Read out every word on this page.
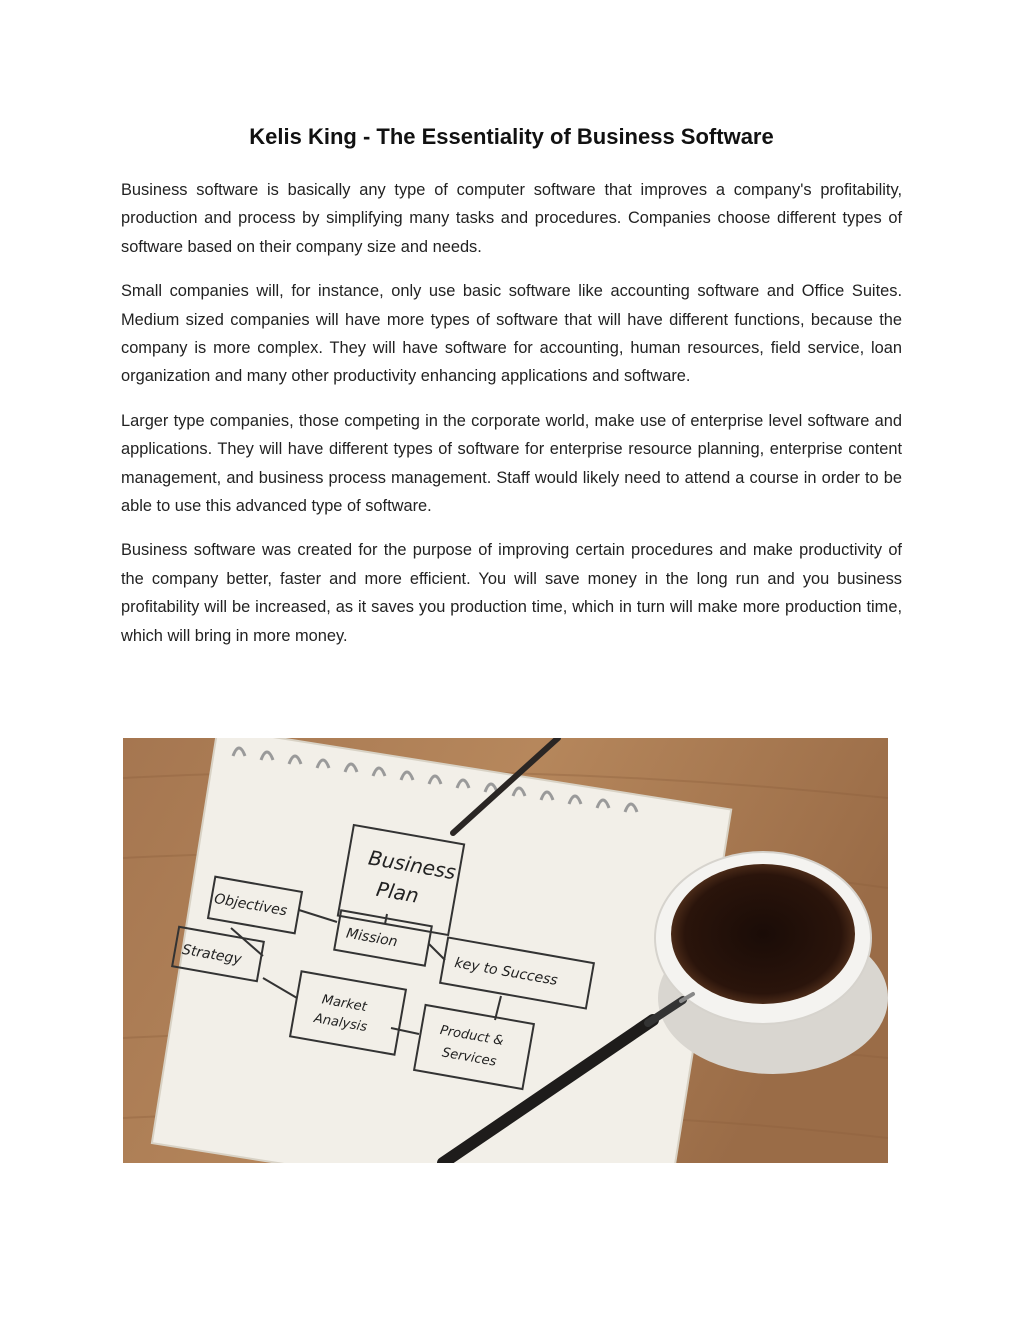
Kelis King - The Essentiality of Business Software

Business software is basically any type of computer software that improves a company's profitability, production and process by simplifying many tasks and procedures. Companies choose different types of software based on their company size and needs.

Small companies will, for instance, only use basic software like accounting software and Office Suites. Medium sized companies will have more types of software that will have different functions, because the company is more complex. They will have software for accounting, human resources, field service, loan organization and many other productivity enhancing applications and software.

Larger type companies, those competing in the corporate world, make use of enterprise level software and applications. They will have different types of software for enterprise resource planning, enterprise content management, and business process management. Staff would likely need to attend a course in order to be able to use this advanced type of software.

Business software was created for the purpose of improving certain procedures and make productivity of the company better, faster and more efficient. You will save money in the long run and you business profitability will be increased, as it saves you production time, which in turn will make more production time, which will bring in more money.

Business
Plan
Objectives
Mission
Strategy
key to Success
Market
Analysis	Product &
Services
